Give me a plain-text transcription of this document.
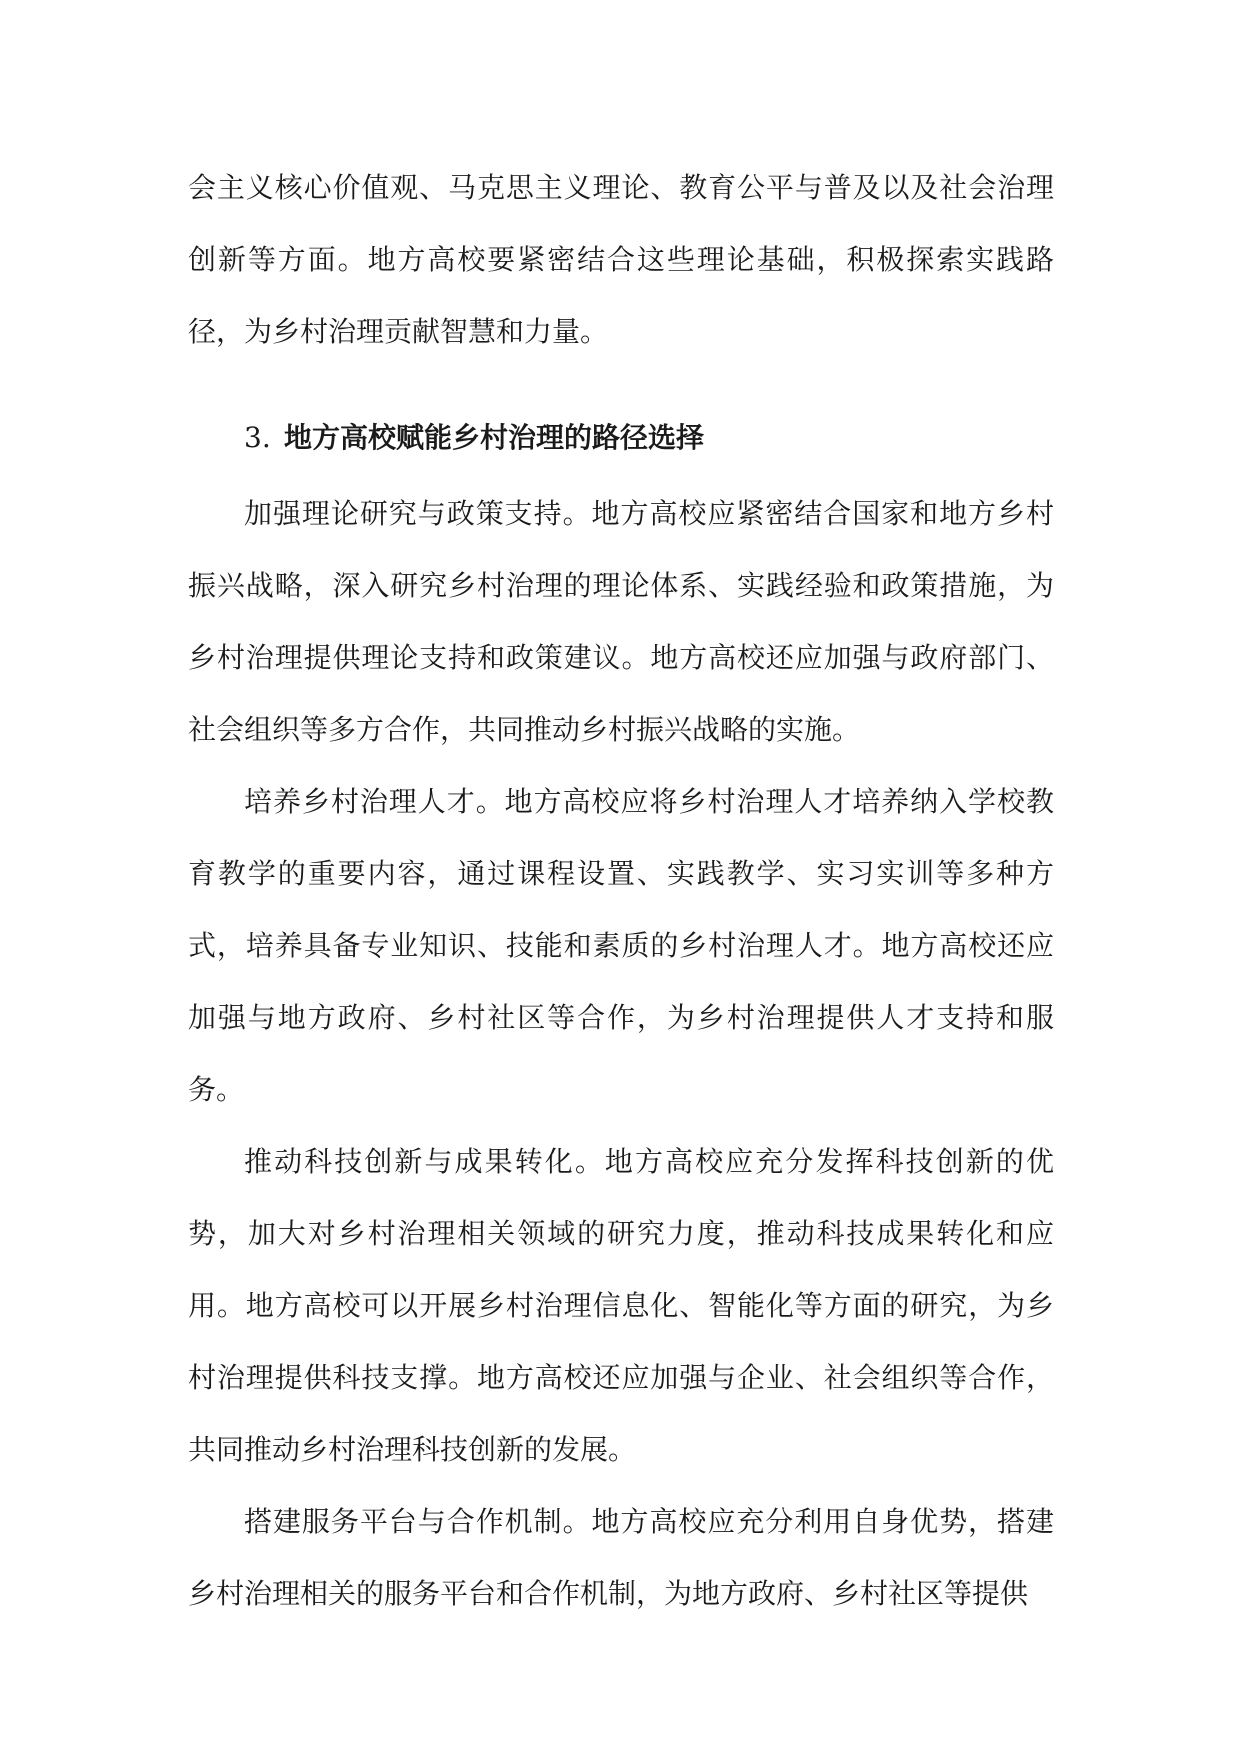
会主义核心价值观、马克思主义理论、教育公平与普及以及社会治理创新等方面。地方高校要紧密结合这些理论基础，积极探索实践路径，为乡村治理贡献智慧和力量。

3. 地方高校赋能乡村治理的路径选择

加强理论研究与政策支持。地方高校应紧密结合国家和地方乡村振兴战略，深入研究乡村治理的理论体系、实践经验和政策措施，为乡村治理提供理论支持和政策建议。地方高校还应加强与政府部门、社会组织等多方合作，共同推动乡村振兴战略的实施。

培养乡村治理人才。地方高校应将乡村治理人才培养纳入学校教育教学的重要内容，通过课程设置、实践教学、实习实训等多种方式，培养具备专业知识、技能和素质的乡村治理人才。地方高校还应加强与地方政府、乡村社区等合作，为乡村治理提供人才支持和服务。

推动科技创新与成果转化。地方高校应充分发挥科技创新的优势，加大对乡村治理相关领域的研究力度，推动科技成果转化和应用。地方高校可以开展乡村治理信息化、智能化等方面的研究，为乡村治理提供科技支撑。地方高校还应加强与企业、社会组织等合作，共同推动乡村治理科技创新的发展。

搭建服务平台与合作机制。地方高校应充分利用自身优势，搭建乡村治理相关的服务平台和合作机制，为地方政府、乡村社区等提供
